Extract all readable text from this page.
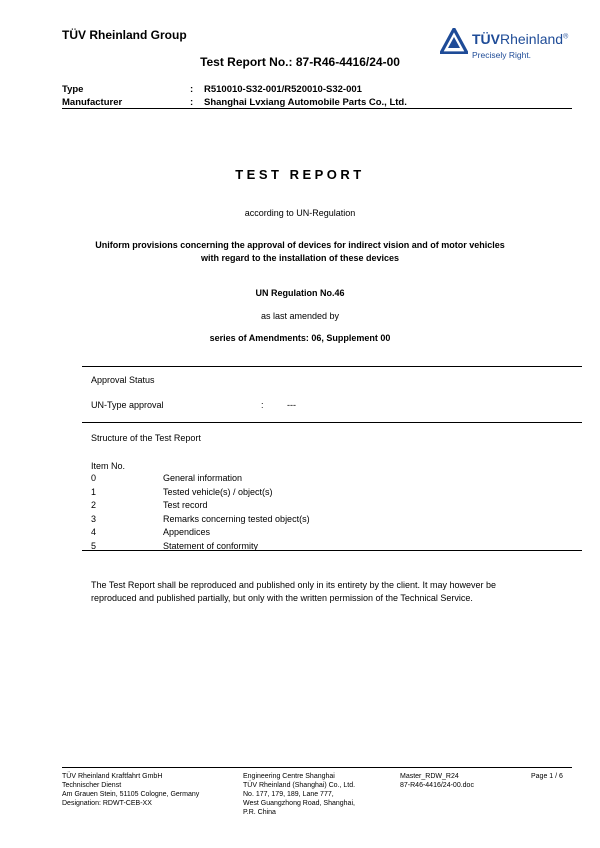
TÜV Rheinland Group
Test Report No.: 87-R46-4416/24-00
TÜVRheinland®
Precisely Right.
Type	:	R510010-S32-001/R520010-S32-001
Manufacturer	:	Shanghai Lvxiang Automobile Parts Co., Ltd.
TEST REPORT
according to UN-Regulation
Uniform provisions concerning the approval of devices for indirect vision and of motor vehicles
with regard to the installation of these devices
UN Regulation No.46
as last amended by
series of Amendments: 06, Supplement 00
Approval Status
UN-Type approval	:	---
Structure of the Test Report
Item No.
0	General information
1	Tested vehicle(s) / object(s)
2	Test record
3	Remarks concerning tested object(s)
4	Appendices
5	Statement of conformity
The Test Report shall be reproduced and published only in its entirety by the client. It may however be
reproduced and published partially, but only with the written permission of the Technical Service.
TÜV Rheinland Kraftfahrt GmbH
Technischer Dienst
Am Grauen Stein, 51105 Cologne, Germany
Designation: RDWT-CEB-XX
Engineering Centre Shanghai
TÜV Rheinland (Shanghai) Co., Ltd.
No. 177, 179, 189, Lane 777,
West Guangzhong Road, Shanghai,
P.R. China
Master_RDW_R24
87-R46-4416/24-00.doc
Page 1 / 6
